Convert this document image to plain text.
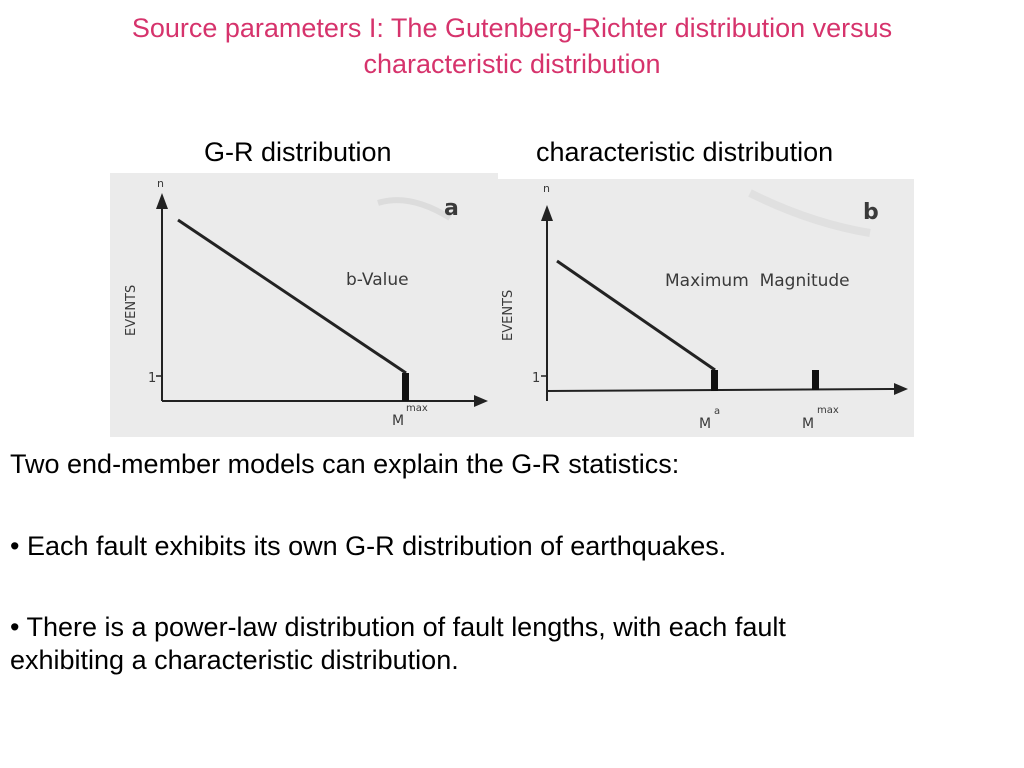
Source parameters I: The Gutenberg-Richter distribution versus
characteristic distribution
G-R distribution	characteristic distribution
n
EVENTS
1
b-Value
a
M
max
n
EVENTS
1
Maximum  Magnitude
b
M
a
M
max
Two end-member models can explain the G-R statistics:
• Each fault exhibits its own G-R distribution of earthquakes.
• There is a power-law distribution of fault lengths, with each fault
exhibiting a characteristic distribution.
